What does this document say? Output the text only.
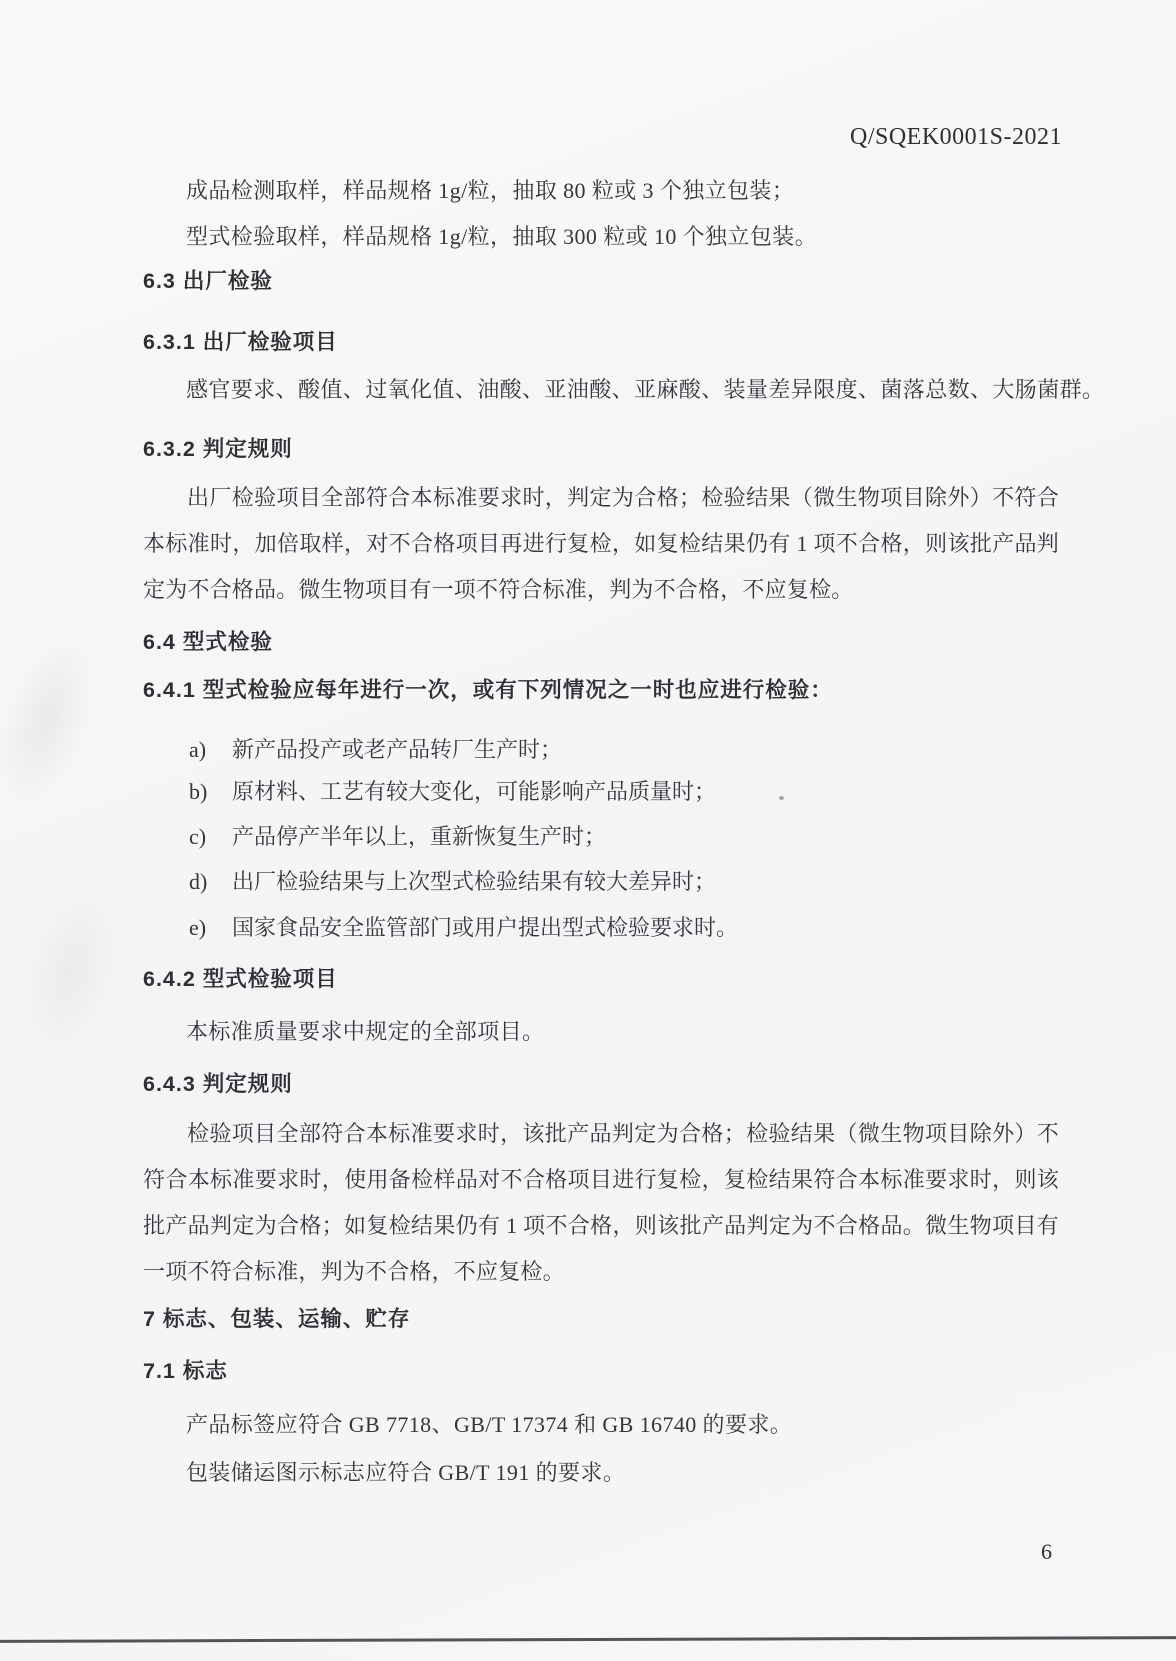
Q/SQEK0001S-2021
成品检测取样，样品规格 1g/粒，抽取 80 粒或 3 个独立包装；
型式检验取样，样品规格 1g/粒，抽取 300 粒或 10 个独立包装。
6.3 出厂检验
6.3.1 出厂检验项目
感官要求、酸值、过氧化值、油酸、亚油酸、亚麻酸、装量差异限度、菌落总数、大肠菌群。
6.3.2 判定规则
出厂检验项目全部符合本标准要求时，判定为合格；检验结果（微生物项目除外）不符合本标准时，加倍取样，对不合格项目再进行复检，如复检结果仍有 1 项不合格，则该批产品判定为不合格品。微生物项目有一项不符合标准，判为不合格，不应复检。
6.4 型式检验
6.4.1 型式检验应每年进行一次，或有下列情况之一时也应进行检验：
a) 新产品投产或老产品转厂生产时；
b) 原材料、工艺有较大变化，可能影响产品质量时；
c) 产品停产半年以上，重新恢复生产时；
d) 出厂检验结果与上次型式检验结果有较大差异时；
e) 国家食品安全监管部门或用户提出型式检验要求时。
6.4.2 型式检验项目
本标准质量要求中规定的全部项目。
6.4.3 判定规则
检验项目全部符合本标准要求时，该批产品判定为合格；检验结果（微生物项目除外）不符合本标准要求时，使用备检样品对不合格项目进行复检，复检结果符合本标准要求时，则该批产品判定为合格；如复检结果仍有 1 项不合格，则该批产品判定为不合格品。微生物项目有一项不符合标准，判为不合格，不应复检。
7 标志、包装、运输、贮存
7.1 标志
产品标签应符合 GB 7718、GB/T 17374 和 GB 16740 的要求。
包装储运图示标志应符合 GB/T 191 的要求。
6
